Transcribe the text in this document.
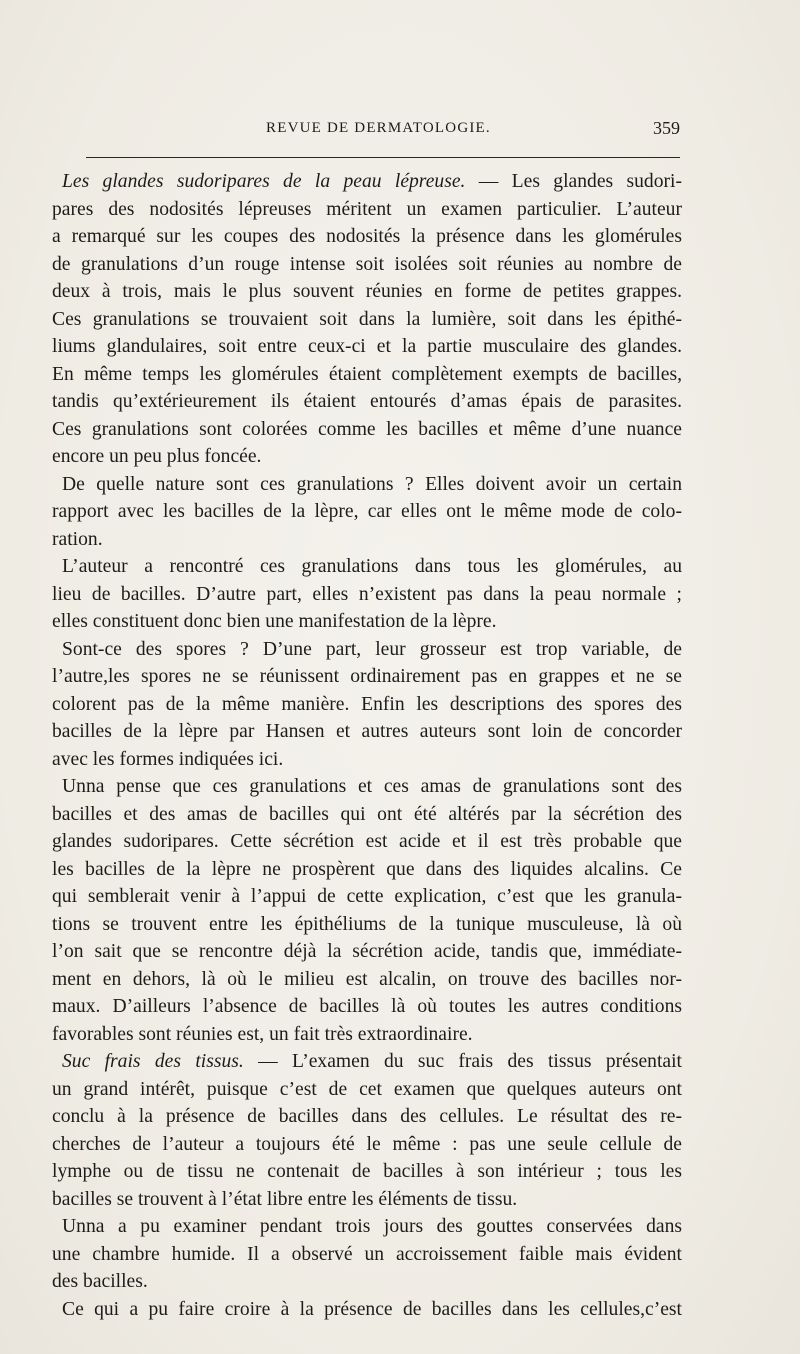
REVUE DE DERMATOLOGIE.	359
Les glandes sudoripares de la peau lépreuse. — Les glandes sudori-
pares des nodosités lépreuses méritent un examen particulier. L’auteur
a remarqué sur les coupes des nodosités la présence dans les glomérules
de granulations d’un rouge intense soit isolées soit réunies au nombre de
deux à trois, mais le plus souvent réunies en forme de petites grappes.
Ces granulations se trouvaient soit dans la lumière, soit dans les épithé-
liums glandulaires, soit entre ceux-ci et la partie musculaire des glandes.
En même temps les glomérules étaient complètement exempts de bacilles,
tandis qu’extérieurement ils étaient entourés d’amas épais de parasites.
Ces granulations sont colorées comme les bacilles et même d’une nuance
encore un peu plus foncée.
De quelle nature sont ces granulations ? Elles doivent avoir un certain
rapport avec les bacilles de la lèpre, car elles ont le même mode de colo-
ration.
L’auteur a rencontré ces granulations dans tous les glomérules, au
lieu de bacilles. D’autre part, elles n’existent pas dans la peau normale ;
elles constituent donc bien une manifestation de la lèpre.
Sont-ce des spores ? D’une part, leur grosseur est trop variable, de
l’autre,les spores ne se réunissent ordinairement pas en grappes et ne se
colorent pas de la même manière. Enfin les descriptions des spores des
bacilles de la lèpre par Hansen et autres auteurs sont loin de concorder
avec les formes indiquées ici.
Unna pense que ces granulations et ces amas de granulations sont des
bacilles et des amas de bacilles qui ont été altérés par la sécrétion des
glandes sudoripares. Cette sécrétion est acide et il est très probable que
les bacilles de la lèpre ne prospèrent que dans des liquides alcalins. Ce
qui semblerait venir à l’appui de cette explication, c’est que les granula-
tions se trouvent entre les épithéliums de la tunique musculeuse, là où
l’on sait que se rencontre déjà la sécrétion acide, tandis que, immédiate-
ment en dehors, là où le milieu est alcalin, on trouve des bacilles nor-
maux. D’ailleurs l’absence de bacilles là où toutes les autres conditions
favorables sont réunies est, un fait très extraordinaire.
Suc frais des tissus. — L’examen du suc frais des tissus présentait
un grand intérêt, puisque c’est de cet examen que quelques auteurs ont
conclu à la présence de bacilles dans des cellules. Le résultat des re-
cherches de l’auteur a toujours été le même : pas une seule cellule de
lymphe ou de tissu ne contenait de bacilles à son intérieur ; tous les
bacilles se trouvent à l’état libre entre les éléments de tissu.
Unna a pu examiner pendant trois jours des gouttes conservées dans
une chambre humide. Il a observé un accroissement faible mais évident
des bacilles.
Ce qui a pu faire croire à la présence de bacilles dans les cellules,c’est
